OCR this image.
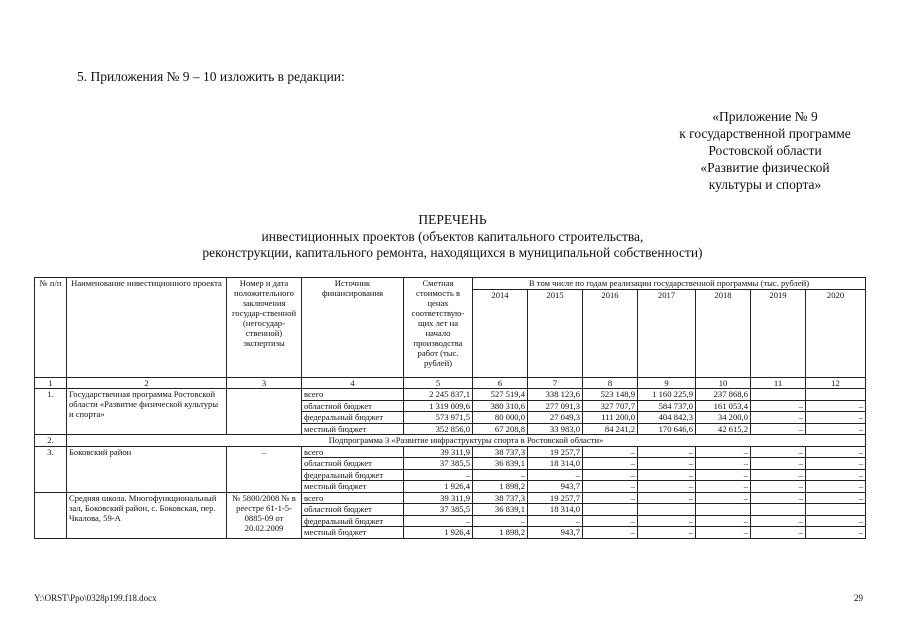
5. Приложения № 9 – 10 изложить в редакции:

«Приложение № 9
к государственной программе
Ростовской области
«Развитие физической
культуры и спорта»
ПЕРЕЧЕНЬ
инвестиционных проектов (объектов капитального строительства,
реконструкции, капитального ремонта, находящихся в муниципальной собственности)
№ п/п	Наименование инвестиционного проекта	Номер и дата положительного заключения государ-ственной (негосудар-ственной) экспертизы	Источник финансирования	Сметная стоимость в ценах соответствую-щих лет на начало производства работ (тыс. рублей)	В том числе по годам реализации государственной программы (тыс. рублей)						
					2014	2015	2016	2017	2018	2019	2020
1	2	3	4	5	6	7	8	9	10	11	12
1.	Государственная программа Ростовской области «Развитие физической культуры и спорта»		всего	2 245 837,1	527 519,4	338 123,6	523 148,9	1 160 225,9	237 868,6		
			областной бюджет	1 319 009,6	380 310,6	277 091,3	327 707,7	584 737,0	161 053,4	–	–
			федеральный бюджет	573 971,5	80 000,0	27 049,3	111 200,0	404 842,3	34 200,0	–	–
			местный бюджет	352 856,0	67 208,8	33 983,0	84 241,2	170 646,6	42 615,2	–	–
2.	Подпрограмма 3 «Развитие инфраструктуры спорта в Ростовской области»										
3.	Боковский район	–	всего	39 311,9	38 737,3	19 257,7	–	–	–	–	–
			областной бюджет	37 385,5	36 839,1	18 314,0	–	–	–	–	–
			федеральный бюджет	–	–	–	–	–	–	–	–
			местный бюджет	1 926,4	1 898,2	943,7	–	–	–	–	–
	Средняя школа. Многофункциональный зал, Боковский район, с. Боковская, пер. Чкалова, 59-А	№ 5800/2008 № в реестре 61-1-5-0885-09 от 20.02.2009	всего	39 311,9	38 737,3	19 257,7	–	–	–	–	–
			областной бюджет	37 385,5	36 839,1	18 314,0					
			федеральный бюджет	–	–	–	–	–	–	–	–
			местный бюджет	1 926,4	1 898,2	943,7	–	–	–	–	–
Y:\ORST\Ppo\0328p199.f18.docx	29
